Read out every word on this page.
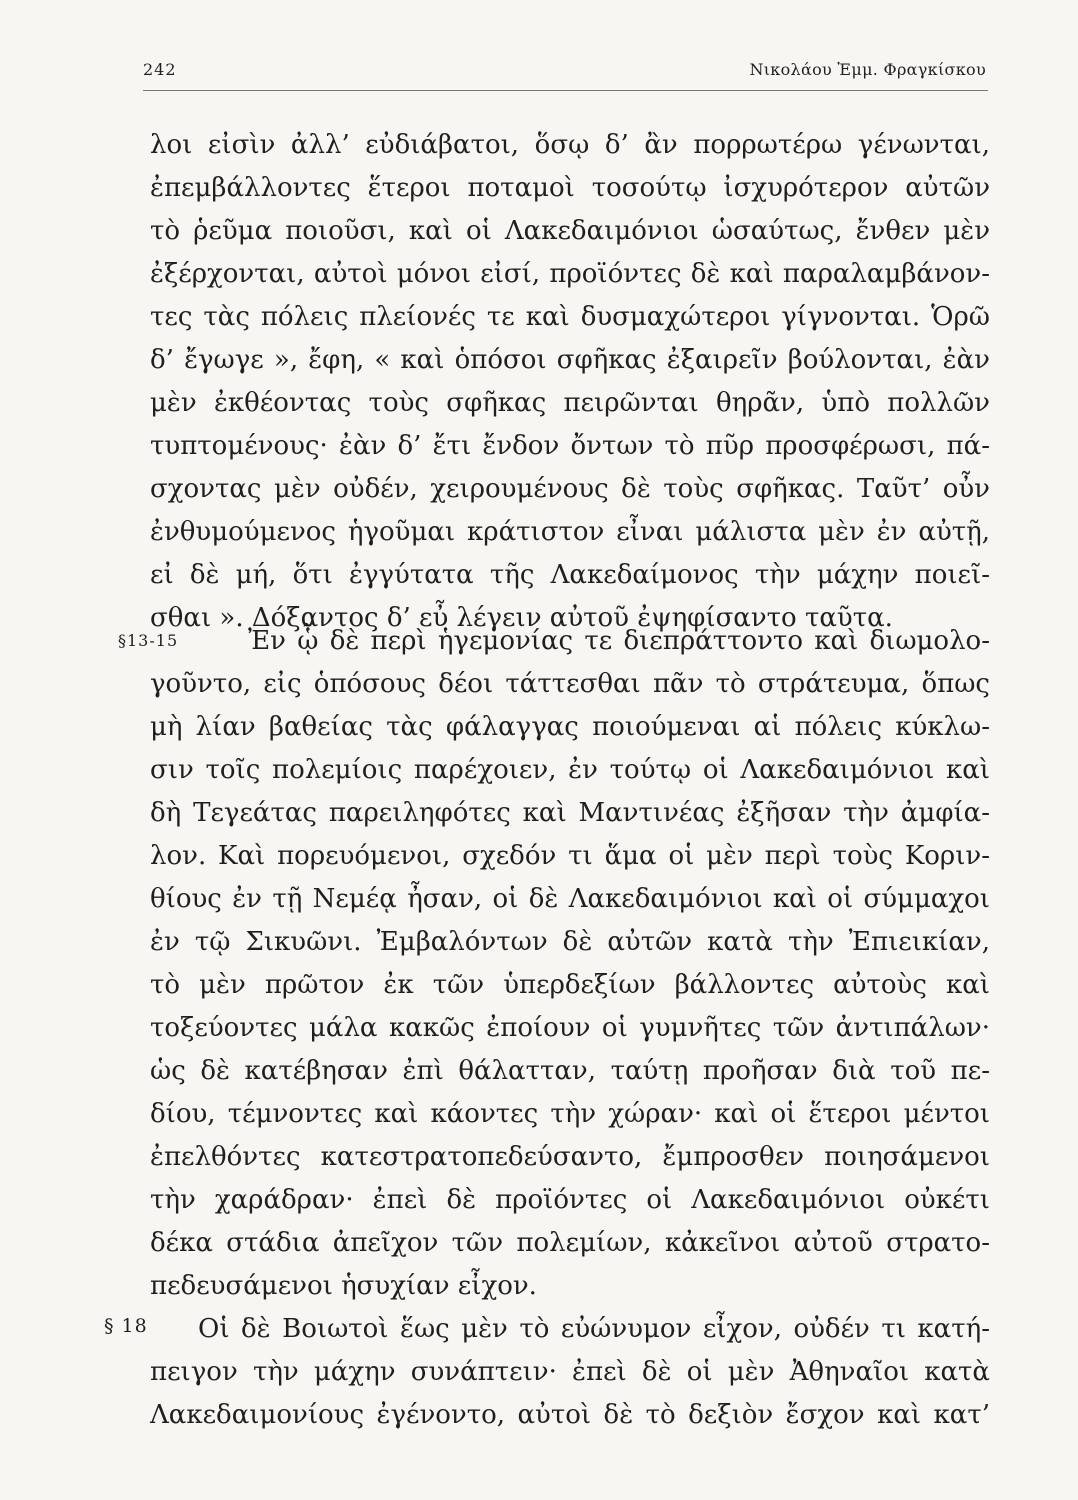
242	Νικολάου Ἐμμ. Φραγκίσκου
λοι εἰσὶν ἀλλ’ εὐδιάβατοι, ὅσῳ δ’ ἂν πορρωτέρω γένωνται,
ἐπεμβάλλοντες ἕτεροι ποταμοὶ τοσούτῳ ἰσχυρότερον αὐτῶν
τὸ ῥεῦμα ποιοῦσι, καὶ οἱ Λακεδαιμόνιοι ὡσαύτως, ἔνθεν μὲν
ἐξέρχονται, αὐτοὶ μόνοι εἰσί, προϊόντες δὲ καὶ παραλαμβάνον-
τες τὰς πόλεις πλείονές τε καὶ δυσμαχώτεροι γίγνονται. Ὁρῶ
δ’ ἔγωγε », ἔφη, « καὶ ὁπόσοι σφῆκας ἐξαιρεῖν βούλονται, ἐὰν
μὲν ἐκθέοντας τοὺς σφῆκας πειρῶνται θηρᾶν, ὑπὸ πολλῶν
τυπτομένους· ἐὰν δ’ ἔτι ἔνδον ὄντων τὸ πῦρ προσφέρωσι, πά-
σχοντας μὲν οὐδέν, χειρουμένους δὲ τοὺς σφῆκας. Ταῦτ’ οὖν
ἐνθυμούμενος ἡγοῦμαι κράτιστον εἶναι μάλιστα μὲν ἐν αὐτῇ,
εἰ δὲ μή, ὅτι ἐγγύτατα τῆς Λακεδαίμονος τὴν μάχην ποιεῖ-
σθαι ». Δόξαντος δ’ εὖ λέγειν αὐτοῦ ἐψηφίσαντο ταῦτα.
§13-15	Ἐν ᾧ δὲ περὶ ἡγεμονίας τε διεπράττοντο καὶ διωμολο-
γοῦντο, εἰς ὁπόσους δέοι τάττεσθαι πᾶν τὸ στράτευμα, ὅπως
μὴ λίαν βαθείας τὰς φάλαγγας ποιούμεναι αἱ πόλεις κύκλω-
σιν τοῖς πολεμίοις παρέχοιεν, ἐν τούτῳ οἱ Λακεδαιμόνιοι καὶ
δὴ Τεγεάτας παρειληφότες καὶ Μαντινέας ἐξῆσαν τὴν ἀμφία-
λον. Καὶ πορευόμενοι, σχεδόν τι ἅμα οἱ μὲν περὶ τοὺς Κοριν-
θίους ἐν τῇ Νεμέᾳ ἦσαν, οἱ δὲ Λακεδαιμόνιοι καὶ οἱ σύμμαχοι
ἐν τῷ Σικυῶνι. Ἐμβαλόντων δὲ αὐτῶν κατὰ τὴν Ἐπιεικίαν,
τὸ μὲν πρῶτον ἐκ τῶν ὑπερδεξίων βάλλοντες αὐτοὺς καὶ
τοξεύοντες μάλα κακῶς ἐποίουν οἱ γυμνῆτες τῶν ἀντιπάλων·
ὡς δὲ κατέβησαν ἐπὶ θάλατταν, ταύτῃ προῆσαν διὰ τοῦ πε-
δίου, τέμνοντες καὶ κάοντες τὴν χώραν· καὶ οἱ ἕτεροι μέντοι
ἐπελθόντες κατεστρατοπεδεύσαντο, ἔμπροσθεν ποιησάμενοι
τὴν χαράδραν· ἐπεὶ δὲ προϊόντες οἱ Λακεδαιμόνιοι οὐκέτι
δέκα στάδια ἀπεῖχον τῶν πολεμίων, κἀκεῖνοι αὐτοῦ στρατο-
πεδευσάμενοι ἡσυχίαν εἶχον.
§ 18 Οἱ δὲ Βοιωτοὶ ἕως μὲν τὸ εὐώνυμον εἶχον, οὐδέν τι κατή-
πειγον τὴν μάχην συνάπτειν· ἐπεὶ δὲ οἱ μὲν Ἀθηναῖοι κατὰ
Λακεδαιμονίους ἐγένοντο, αὐτοὶ δὲ τὸ δεξιὸν ἔσχον καὶ κατ’
